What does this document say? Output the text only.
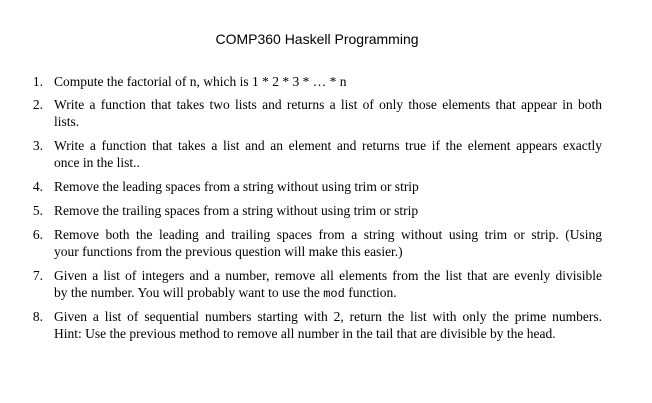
COMP360 Haskell Programming
1. Compute the factorial of n, which is 1 * 2 * 3 * … * n
2. Write a function that takes two lists and returns a list of only those elements that appear in both
lists.
3. Write a function that takes a list and an element and returns true if the element appears exactly
once in the list..
4. Remove the leading spaces from a string without using trim or strip
5. Remove the trailing spaces from a string without using trim or strip
6. Remove both the leading and trailing spaces from a string without using trim or strip. (Using
your functions from the previous question will make this easier.)
7. Given a list of integers and a number, remove all elements from the list that are evenly divisible
by the number. You will probably want to use the mod function.
8. Given a list of sequential numbers starting with 2, return the list with only the prime numbers.
Hint: Use the previous method to remove all number in the tail that are divisible by the head.
